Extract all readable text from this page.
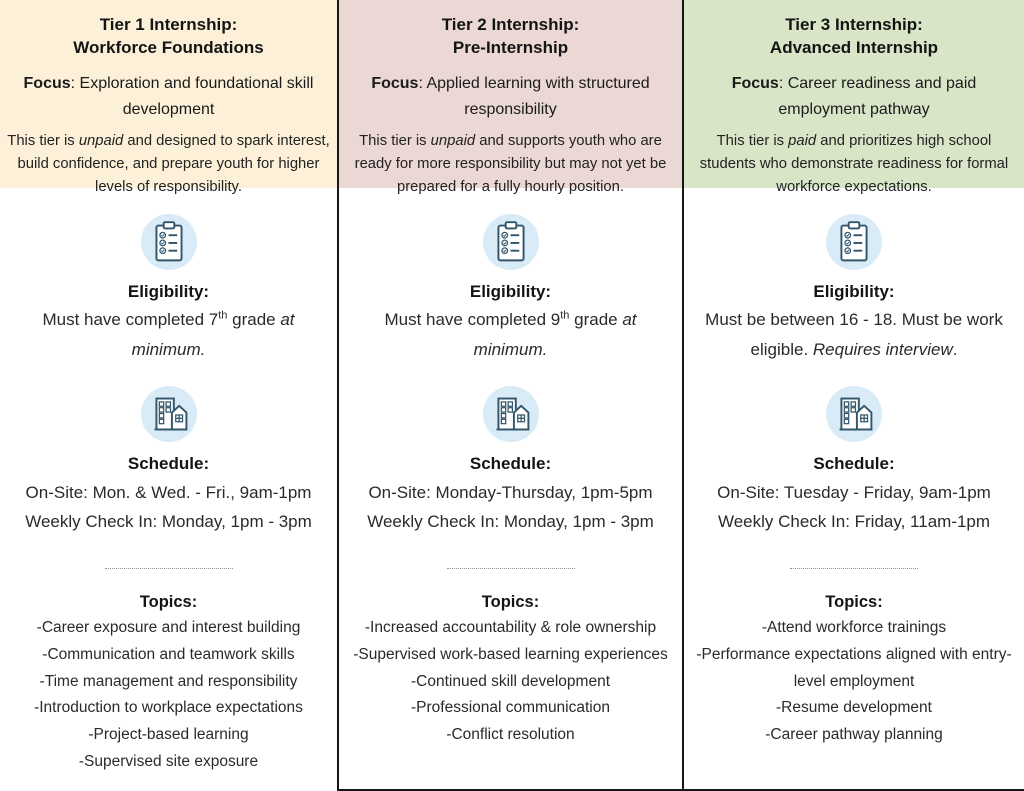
Tier 1 Internship:
Workforce Foundations
Focus: Exploration and foundational skill development
This tier is unpaid and designed to spark interest, build confidence, and prepare youth for higher levels of responsibility.
Eligibility:
Must have completed 7th grade at minimum.
Schedule:
On-Site: Mon. & Wed. - Fri., 9am-1pm
Weekly Check In: Monday, 1pm - 3pm
Topics:
-Career exposure and interest building
-Communication and teamwork skills
-Time management and responsibility
-Introduction to workplace expectations
-Project-based learning
-Supervised site exposure
Tier 2 Internship:
Pre-Internship
Focus: Applied learning with structured responsibility
This tier is unpaid and supports youth who are ready for more responsibility but may not yet be prepared for a fully hourly position.
Eligibility:
Must have completed 9th grade at minimum.
Schedule:
On-Site: Monday-Thursday, 1pm-5pm
Weekly Check In: Monday, 1pm - 3pm
Topics:
-Increased accountability & role ownership
-Supervised work-based learning experiences
-Continued skill development
-Professional communication
-Conflict resolution
Tier 3 Internship:
Advanced Internship
Focus: Career readiness and paid employment pathway
This tier is paid and prioritizes high school students who demonstrate readiness for formal workforce expectations.
Eligibility:
Must be between 16 - 18. Must be work eligible. Requires interview.
Schedule:
On-Site: Tuesday - Friday, 9am-1pm
Weekly Check In: Friday, 11am-1pm
Topics:
-Attend workforce trainings
-Performance expectations aligned with entry- level employment
-Resume development
-Career pathway planning
